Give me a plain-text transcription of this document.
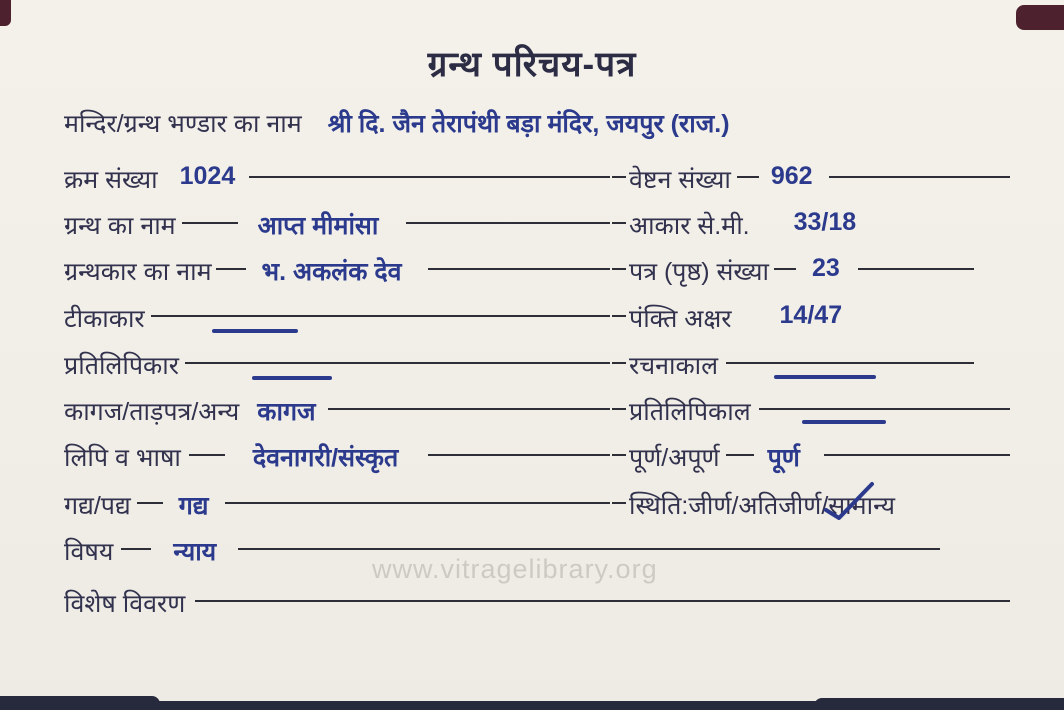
ग्रन्थ परिचय-पत्र
मन्दिर/ग्रन्थ भण्डार का नाम श्री दि. जैन तेरापंथी बड़ा मंदिर, जयपुर (राज.)
क्रम संख्या 1024
ग्रन्थ का नाम	आप्त मीमांसा
ग्रन्थकार का नाम भ. अकलंक देव
टीकाकार
प्रतिलिपिकार
कागज/ताड़पत्र/अन्य कागज
लिपि व भाषा	देवनागरी/संस्कृत
गद्य/पद्य गद्य
विषय न्याय
विशेष विवरण
वेष्टन संख्या 962
आकार से.मी. 33/18
पत्र (पृष्ठ) संख्या 23
पंक्ति अक्षर 14/47
रचनाकाल
प्रतिलिपिकाल
पूर्ण/अपूर्ण पूर्ण
स्थिति:जीर्ण/अतिजीर्ण/ सामान्य
www.vitragelibrary.org
